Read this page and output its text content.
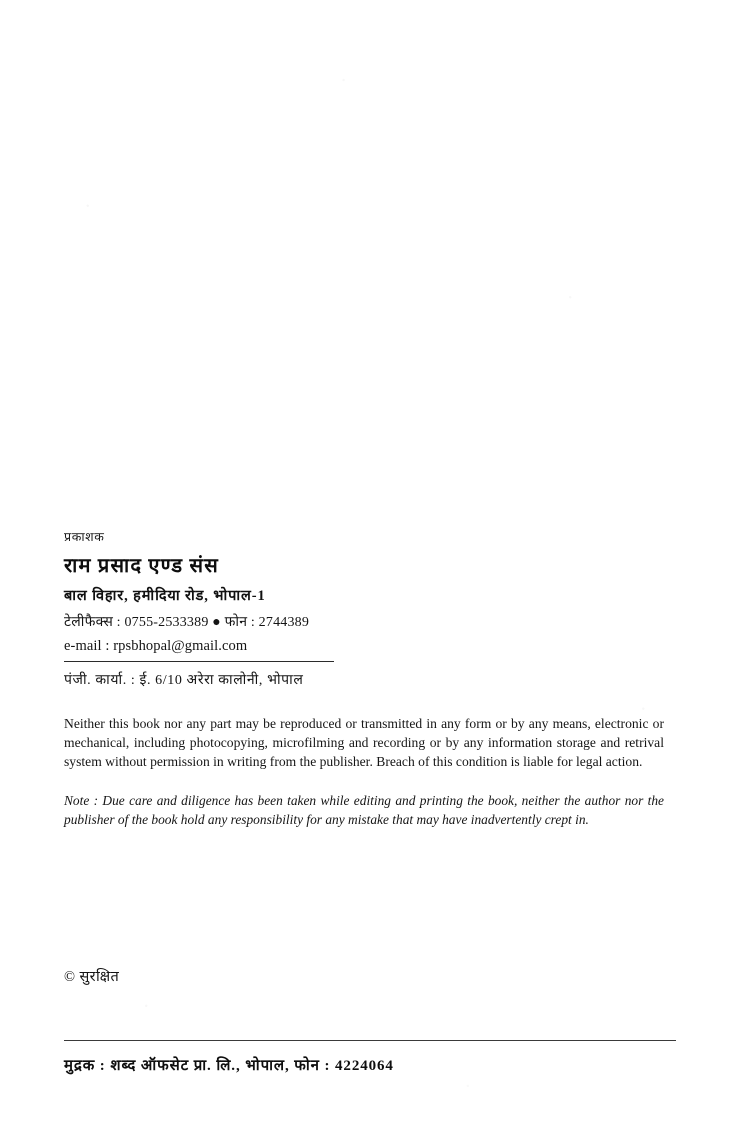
प्रकाशक
राम प्रसाद एण्ड संस
बाल विहार, हमीदिया रोड, भोपाल-1
टेलीफैक्स : 0755-2533389 ● फोन : 2744389
e-mail : rpsbhopal@gmail.com
पंजी. कार्या. : ई. 6/10 अरेरा कालोनी, भोपाल
Neither this book nor any part may be reproduced or transmitted in any form or by any means, electronic or mechanical, including photocopying, microfilming and recording or by any information storage and retrival system without permission in writing from the publisher. Breach of this condition is liable for legal action.
Note : Due care and diligence has been taken while editing and printing the book, neither the author nor the publisher of the book hold any responsibility for any mistake that may have inadvertently crept in.
© सुरक्षित
मुद्रक : शब्द ऑफसेट प्रा. लि., भोपाल, फोन : 4224064
